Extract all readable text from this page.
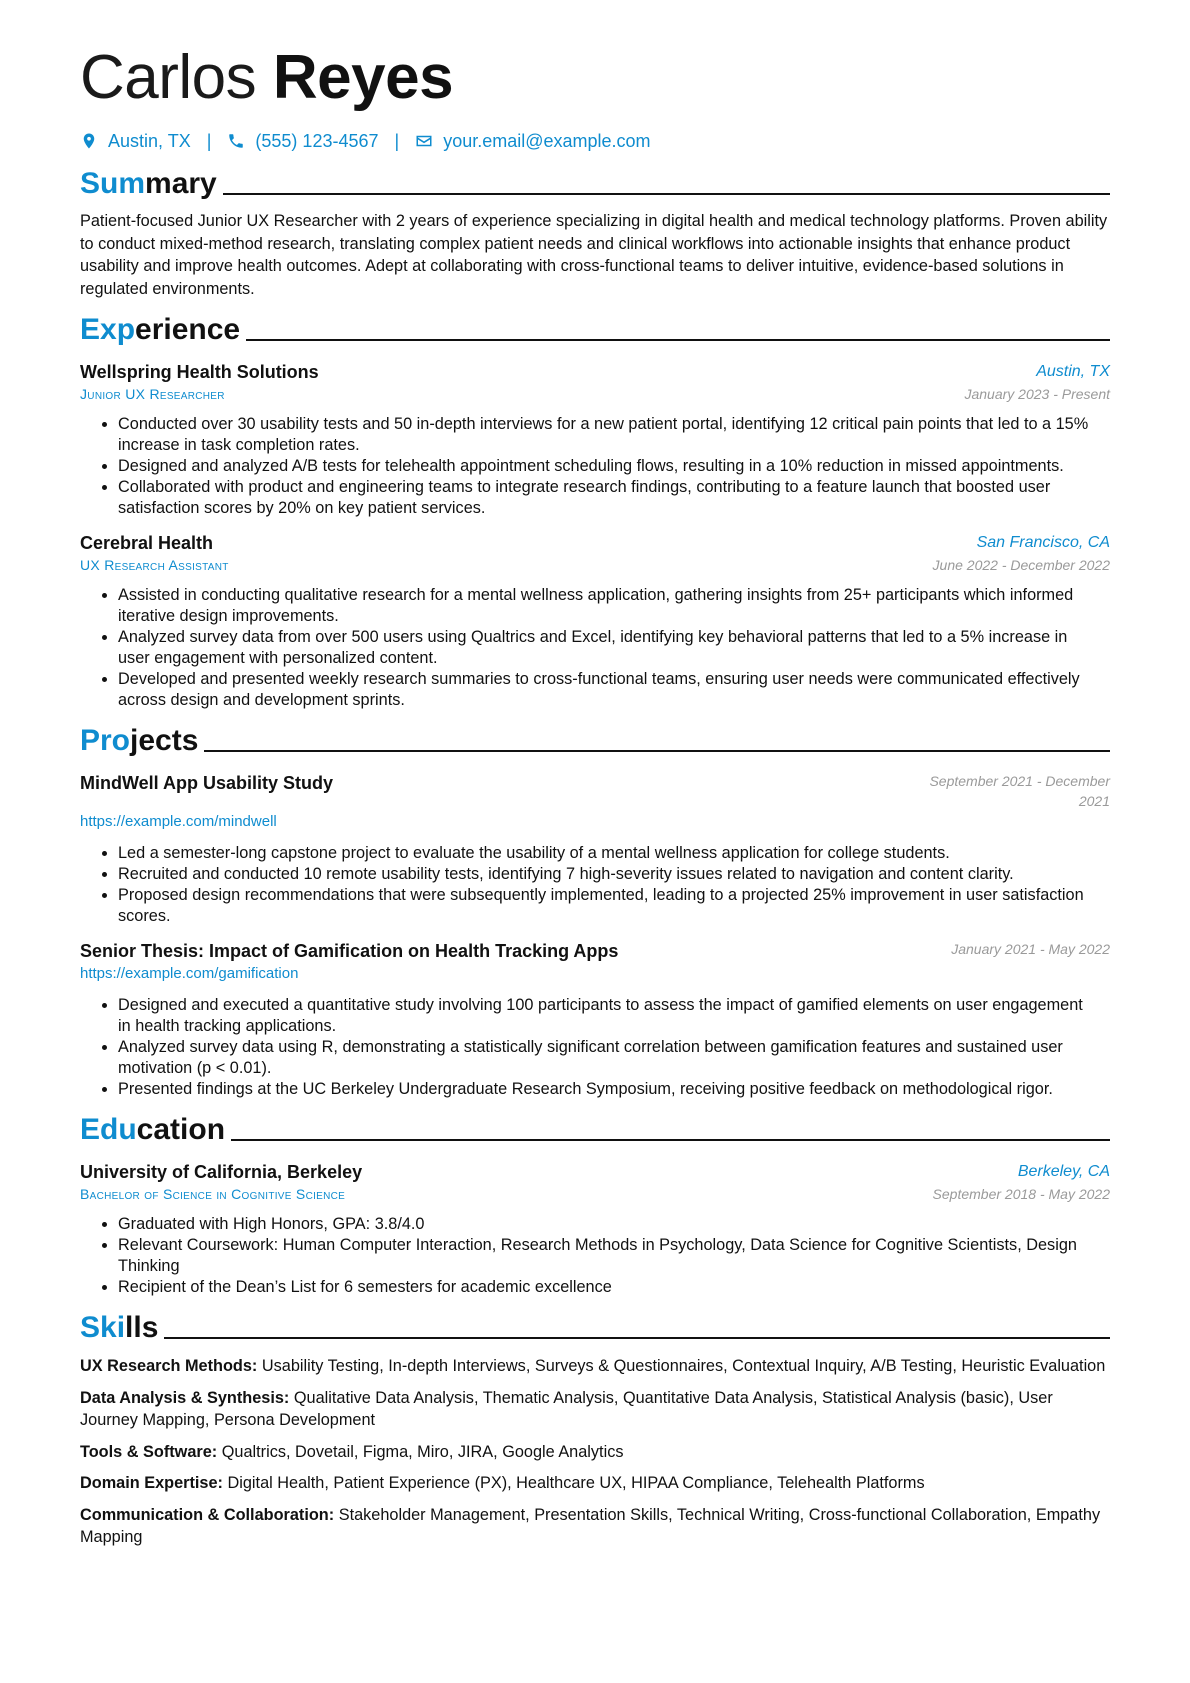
Carlos Reyes
Austin, TX | (555) 123-4567 | your.email@example.com
Summary

Patient-focused Junior UX Researcher with 2 years of experience specializing in digital health and medical technology platforms. Proven ability to conduct mixed-method research, translating complex patient needs and clinical workflows into actionable insights that enhance product usability and improve health outcomes. Adept at collaborating with cross-functional teams to deliver intuitive, evidence-based solutions in regulated environments.

Experience
Wellspring Health Solutions	Austin, TX
Junior UX Researcher	January 2023 - Present
• Conducted over 30 usability tests and 50 in-depth interviews for a new patient portal, identifying 12 critical pain points that led to a 15% increase in task completion rates.
• Designed and analyzed A/B tests for telehealth appointment scheduling flows, resulting in a 10% reduction in missed appointments.
• Collaborated with product and engineering teams to integrate research findings, contributing to a feature launch that boosted user satisfaction scores by 20% on key patient services.
Cerebral Health	San Francisco, CA
UX Research Assistant	June 2022 - December 2022
• Assisted in conducting qualitative research for a mental wellness application, gathering insights from 25+ participants which informed iterative design improvements.
• Analyzed survey data from over 500 users using Qualtrics and Excel, identifying key behavioral patterns that led to a 5% increase in user engagement with personalized content.
• Developed and presented weekly research summaries to cross-functional teams, ensuring user needs were communicated effectively across design and development sprints.
Projects
MindWell App Usability Study	September 2021 - December 2021
https://example.com/mindwell
• Led a semester-long capstone project to evaluate the usability of a mental wellness application for college students.
• Recruited and conducted 10 remote usability tests, identifying 7 high-severity issues related to navigation and content clarity.
• Proposed design recommendations that were subsequently implemented, leading to a projected 25% improvement in user satisfaction scores.
Senior Thesis: Impact of Gamification on Health Tracking Apps	January 2021 - May 2022
https://example.com/gamification
• Designed and executed a quantitative study involving 100 participants to assess the impact of gamified elements on user engagement in health tracking applications.
• Analyzed survey data using R, demonstrating a statistically significant correlation between gamification features and sustained user motivation (p < 0.01).
• Presented findings at the UC Berkeley Undergraduate Research Symposium, receiving positive feedback on methodological rigor.
Education
University of California, Berkeley	Berkeley, CA
Bachelor of Science in Cognitive Science	September 2018 - May 2022
• Graduated with High Honors, GPA: 3.8/4.0
• Relevant Coursework: Human Computer Interaction, Research Methods in Psychology, Data Science for Cognitive Scientists, Design Thinking
• Recipient of the Dean’s List for 6 semesters for academic excellence
Skills
UX Research Methods: Usability Testing, In-depth Interviews, Surveys & Questionnaires, Contextual Inquiry, A/B Testing, Heuristic Evaluation
Data Analysis & Synthesis: Qualitative Data Analysis, Thematic Analysis, Quantitative Data Analysis, Statistical Analysis (basic), User Journey Mapping, Persona Development
Tools & Software: Qualtrics, Dovetail, Figma, Miro, JIRA, Google Analytics
Domain Expertise: Digital Health, Patient Experience (PX), Healthcare UX, HIPAA Compliance, Telehealth Platforms
Communication & Collaboration: Stakeholder Management, Presentation Skills, Technical Writing, Cross-functional Collaboration, Empathy Mapping
